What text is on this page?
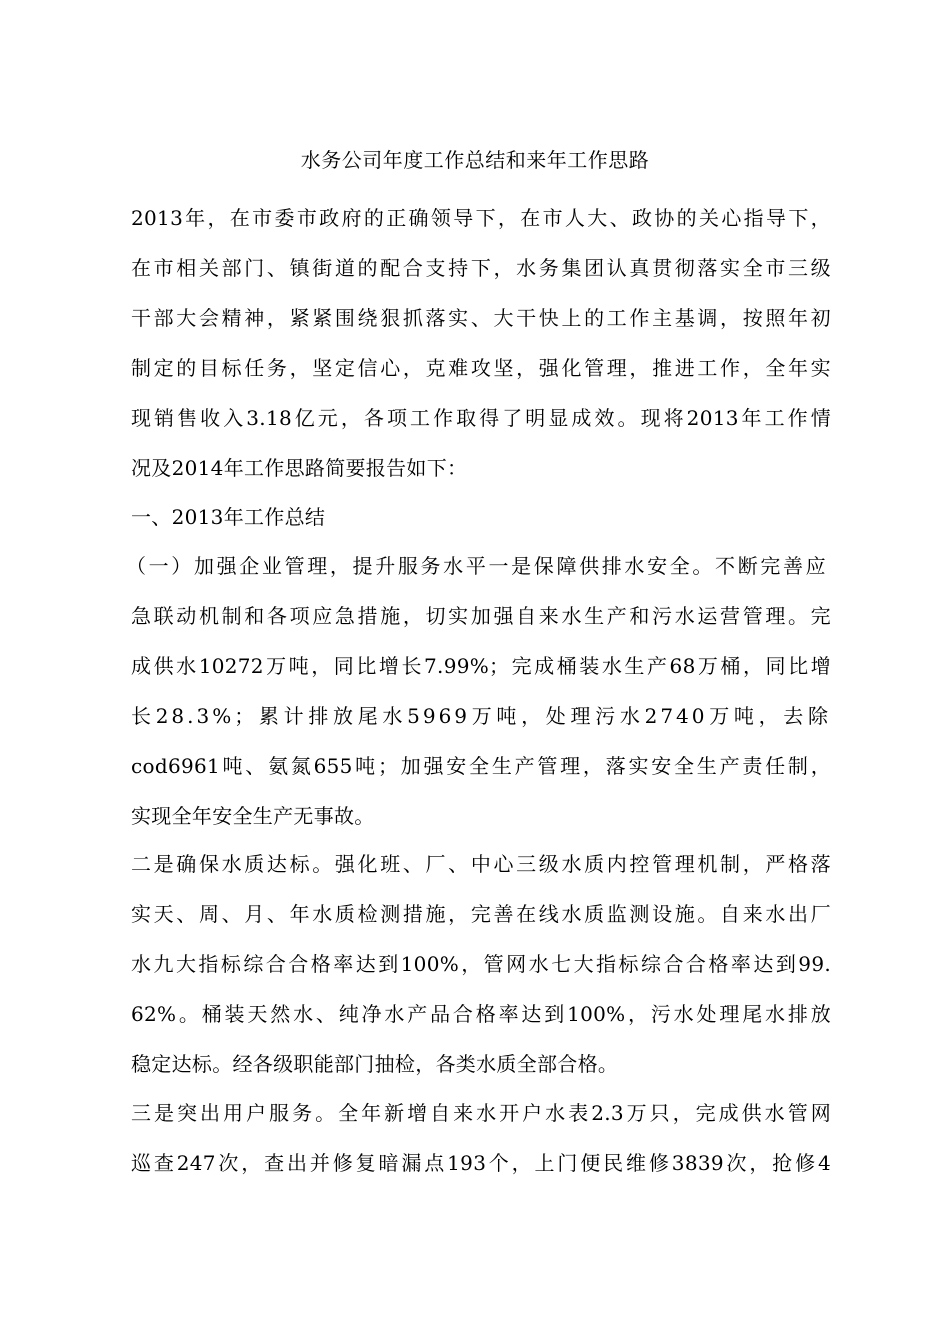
水务公司年度工作总结和来年工作思路
2013年，在市委市政府的正确领导下，在市人大、政协的关心指导下，
在市相关部门、镇街道的配合支持下，水务集团认真贯彻落实全市三级
干部大会精神，紧紧围绕狠抓落实、大干快上的工作主基调，按照年初
制定的目标任务，坚定信心，克难攻坚，强化管理，推进工作，全年实
现销售收入3.18亿元，各项工作取得了明显成效。现将2013年工作情
况及2014年工作思路简要报告如下：
一、2013年工作总结
（一）加强企业管理，提升服务水平一是保障供排水安全。不断完善应
急联动机制和各项应急措施，切实加强自来水生产和污水运营管理。完
成供水10272万吨，同比增长7.99%；完成桶装水生产68万桶，同比增
长28.3%；累计排放尾水5969万吨，处理污水2740万吨，去除
cod6961吨、氨氮655吨；加强安全生产管理，落实安全生产责任制，
实现全年安全生产无事故。
二是确保水质达标。强化班、厂、中心三级水质内控管理机制，严格落
实天、周、月、年水质检测措施，完善在线水质监测设施。自来水出厂
水九大指标综合合格率达到100%，管网水七大指标综合合格率达到99.
62%。桶装天然水、纯净水产品合格率达到100%，污水处理尾水排放
稳定达标。经各级职能部门抽检，各类水质全部合格。
三是突出用户服务。全年新增自来水开户水表2.3万只，完成供水管网
巡查247次，查出并修复暗漏点193个，上门便民维修3839次，抢修4
